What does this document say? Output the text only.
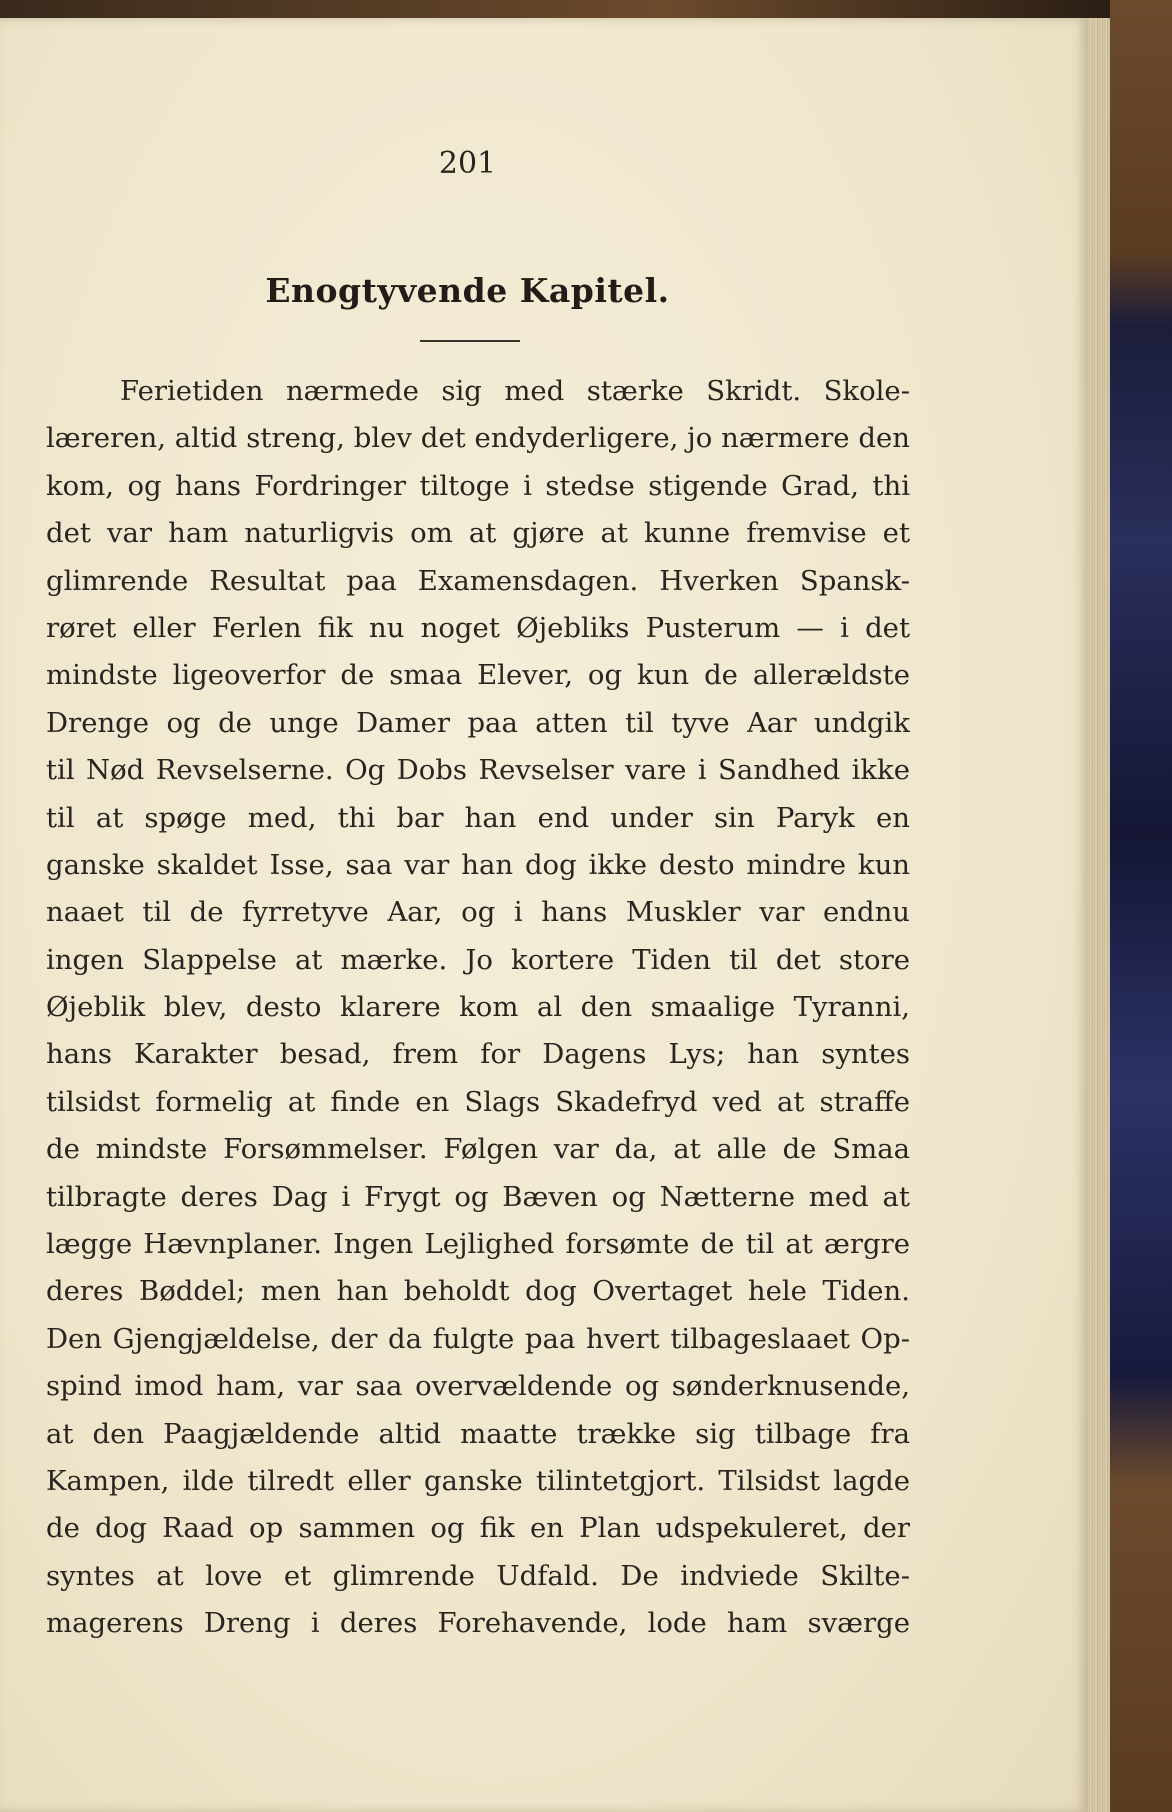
201
Enogtyvende Kapitel.
Ferietiden nærmede sig med stærke Skridt. Skole-
læreren, altid streng, blev det endyderligere, jo nærmere den
kom, og hans Fordringer tiltoge i stedse stigende Grad, thi
det var ham naturligvis om at gjøre at kunne fremvise et
glimrende Resultat paa Examensdagen. Hverken Spansk-
røret eller Ferlen fik nu noget Øjebliks Pusterum — i det
mindste ligeoverfor de smaa Elever, og kun de allerældste
Drenge og de unge Damer paa atten til tyve Aar undgik
til Nød Revselserne. Og Dobs Revselser vare i Sandhed ikke
til at spøge med, thi bar han end under sin Paryk en
ganske skaldet Isse, saa var han dog ikke desto mindre kun
naaet til de fyrretyve Aar, og i hans Muskler var endnu
ingen Slappelse at mærke. Jo kortere Tiden til det store
Øjeblik blev, desto klarere kom al den smaalige Tyranni,
hans Karakter besad, frem for Dagens Lys; han syntes
tilsidst formelig at finde en Slags Skadefryd ved at straffe
de mindste Forsømmelser. Følgen var da, at alle de Smaa
tilbragte deres Dag i Frygt og Bæven og Nætterne med at
lægge Hævnplaner. Ingen Lejlighed forsømte de til at ærgre
deres Bøddel; men han beholdt dog Overtaget hele Tiden.
Den Gjengjældelse, der da fulgte paa hvert tilbageslaaet Op-
spind imod ham, var saa overvældende og sønderknusende,
at den Paagjældende altid maatte trække sig tilbage fra
Kampen, ilde tilredt eller ganske tilintetgjort. Tilsidst lagde
de dog Raad op sammen og fik en Plan udspekuleret, der
syntes at love et glimrende Udfald. De indviede Skilte-
magerens Dreng i deres Forehavende, lode ham sværge
